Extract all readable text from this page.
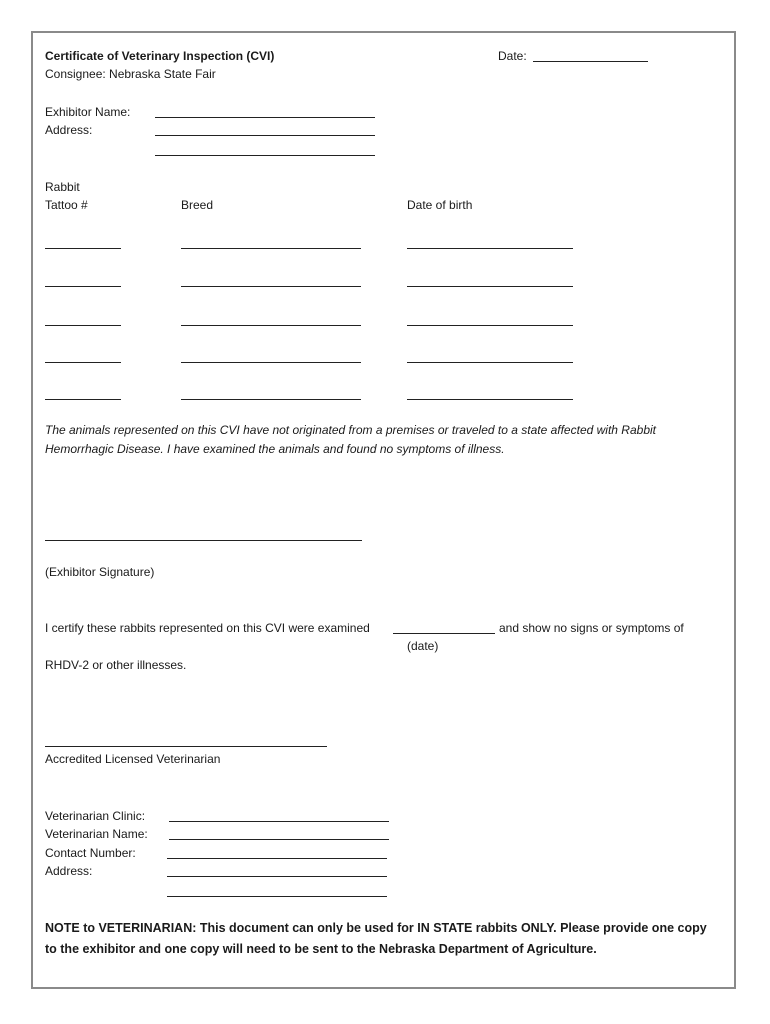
Certificate of Veterinary Inspection (CVI)	Date:
Consignee: Nebraska State Fair
Exhibitor Name:
Address:
Rabbit
Tattoo #	Breed	Date of birth
The animals represented on this CVI have not originated from a premises or traveled to a state affected with Rabbit Hemorrhagic Disease. I have examined the animals and found no symptoms of illness.
(Exhibitor Signature)
I certify these rabbits represented on this CVI were examined	and show no signs or symptoms of
(date)
RHDV-2 or other illnesses.
Accredited Licensed Veterinarian
Veterinarian Clinic:
Veterinarian Name:
Contact Number:
Address:
NOTE to VETERINARIAN: This document can only be used for IN STATE rabbits ONLY. Please provide one copy to the exhibitor and one copy will need to be sent to the Nebraska Department of Agriculture.
